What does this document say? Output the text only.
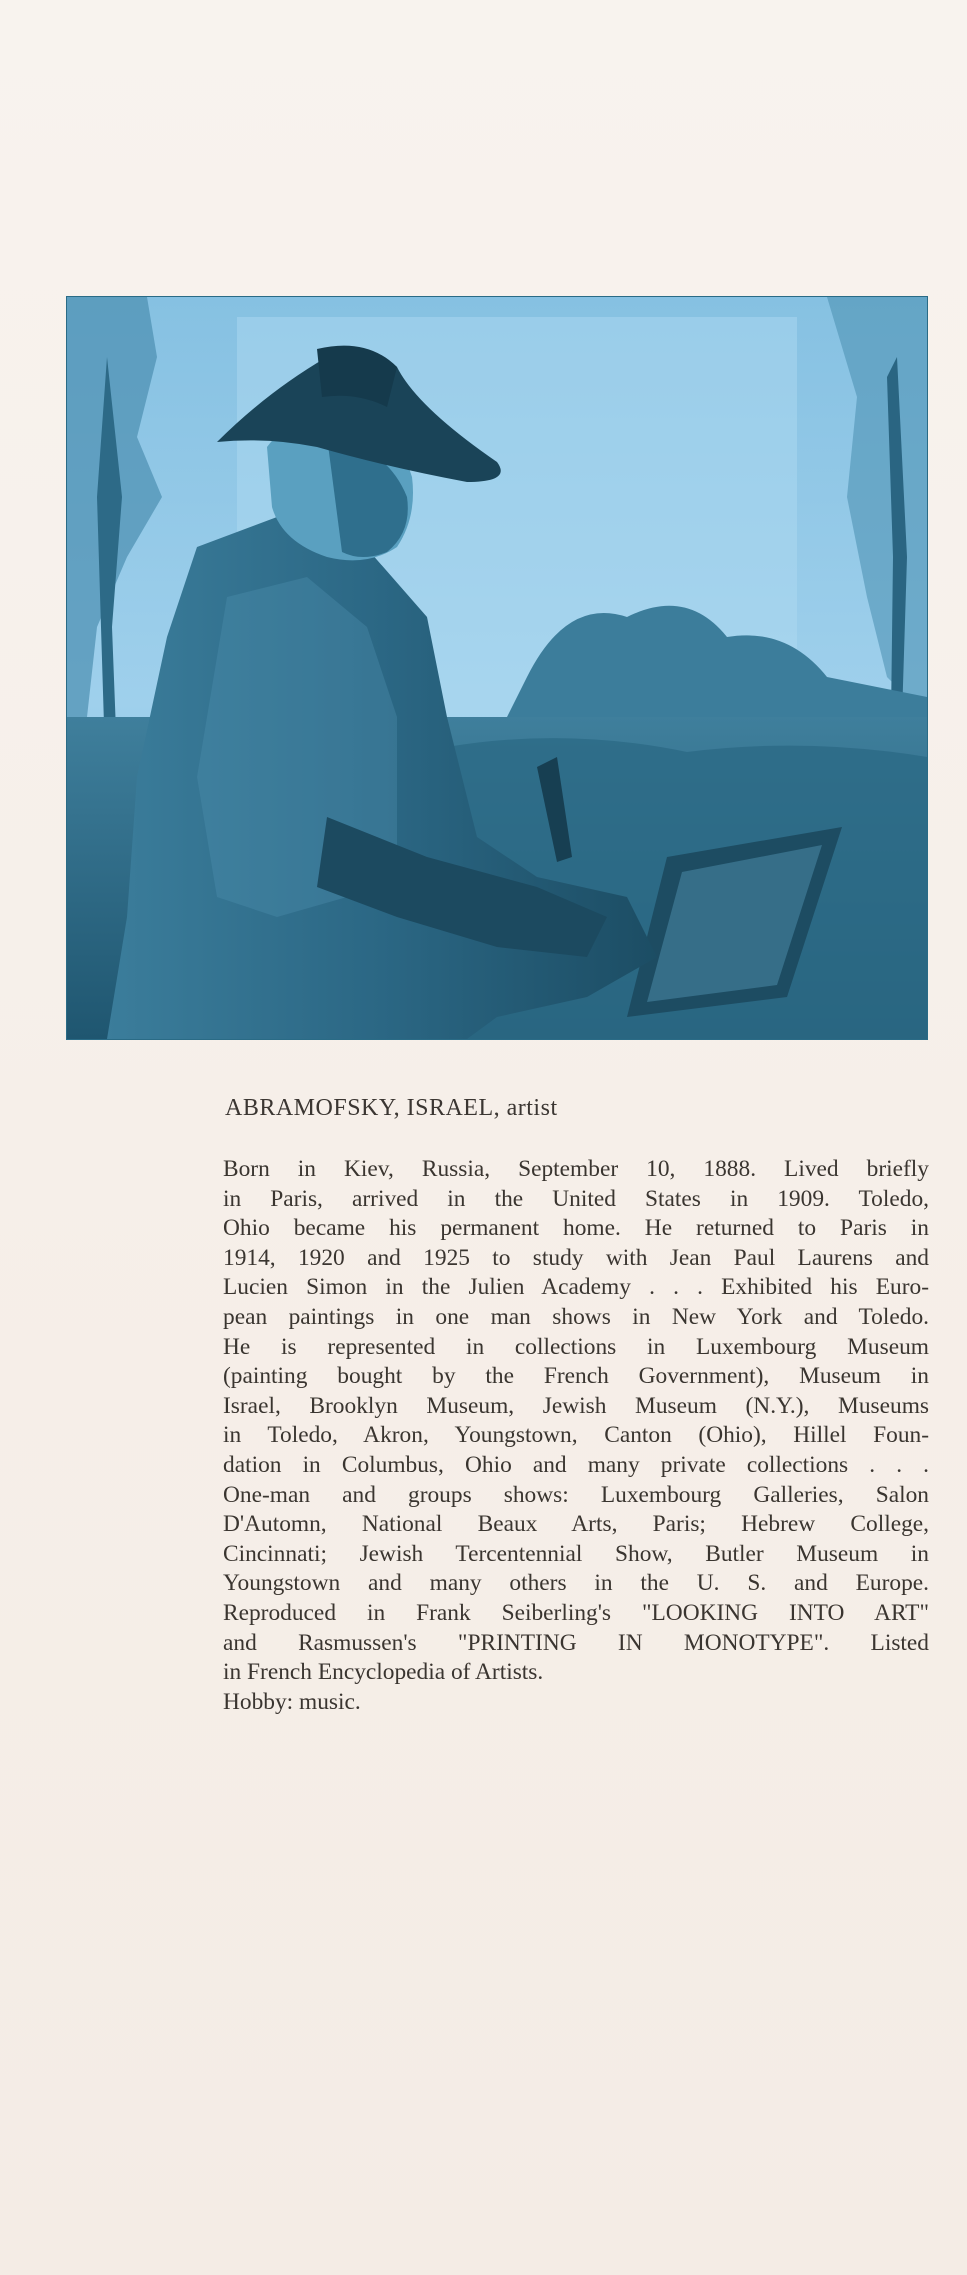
ABRAMOFSKY, ISRAEL, artist
Born in Kiev, Russia, September 10, 1888. Lived briefly
in Paris, arrived in the United States in 1909. Toledo,
Ohio became his permanent home. He returned to Paris in
1914, 1920 and 1925 to study with Jean Paul Laurens and
Lucien Simon in the Julien Academy . . . Exhibited his Euro-
pean paintings in one man shows in New York and Toledo.
He is represented in collections in Luxembourg Museum
(painting bought by the French Government), Museum in
Israel, Brooklyn Museum, Jewish Museum (N.Y.), Museums
in Toledo, Akron, Youngstown, Canton (Ohio), Hillel Foun-
dation in Columbus, Ohio and many private collections . . .
One-man and groups shows: Luxembourg Galleries, Salon
D'Automn, National Beaux Arts, Paris; Hebrew College,
Cincinnati; Jewish Tercentennial Show, Butler Museum in
Youngstown and many others in the U. S. and Europe.
Reproduced in Frank Seiberling's "LOOKING INTO ART"
and Rasmussen's "PRINTING IN MONOTYPE". Listed
in French Encyclopedia of Artists.
Hobby: music.
